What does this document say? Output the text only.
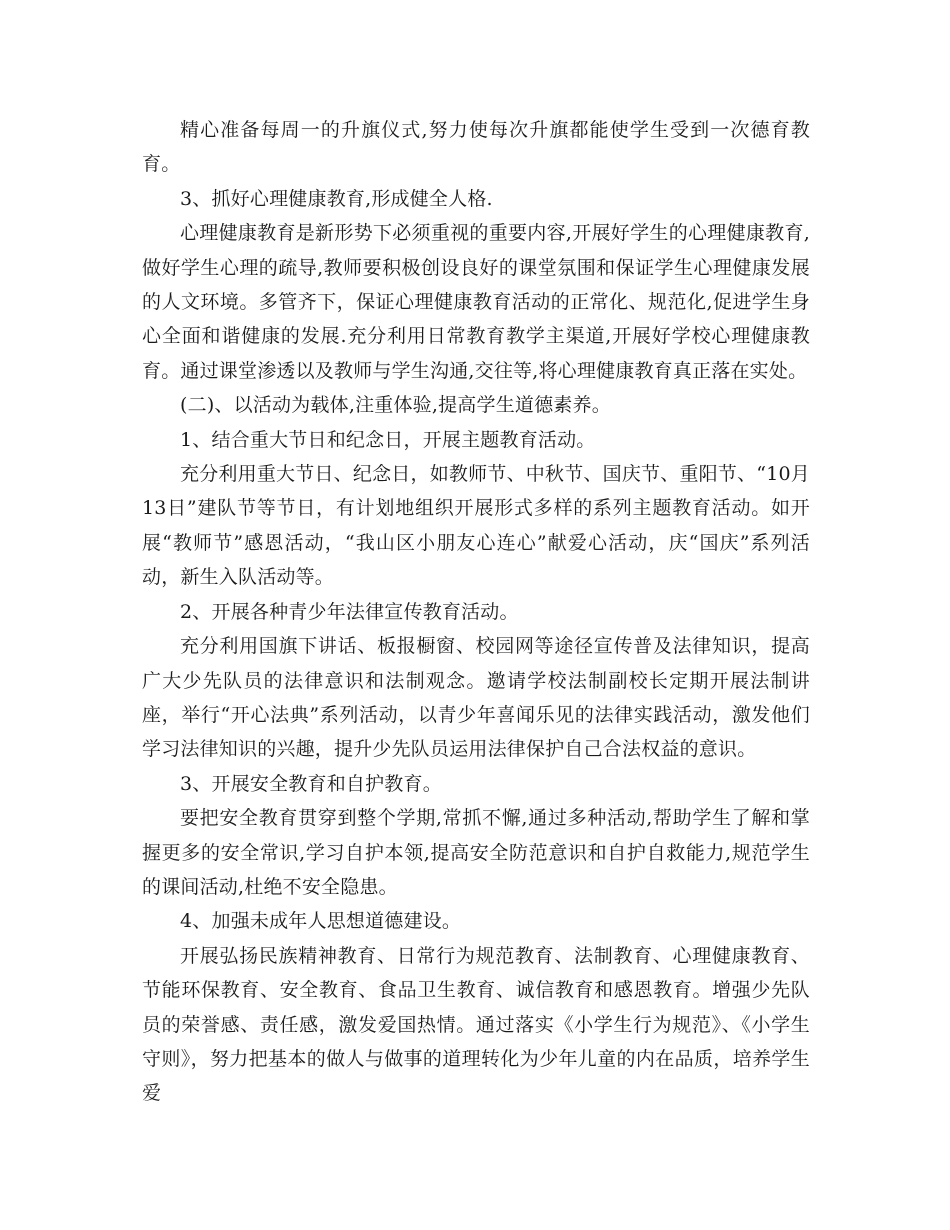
精心准备每周一的升旗仪式,努力使每次升旗都能使学生受到一次德育教育。

3、抓好心理健康教育,形成健全人格.

心理健康教育是新形势下必须重视的重要内容,开展好学生的心理健康教育,做好学生心理的疏导,教师要积极创设良好的课堂氛围和保证学生心理健康发展的人文环境。多管齐下，保证心理健康教育活动的正常化、规范化,促进学生身心全面和谐健康的发展.充分利用日常教育教学主渠道,开展好学校心理健康教育。通过课堂渗透以及教师与学生沟通,交往等,将心理健康教育真正落在实处。

(二)、以活动为载体,注重体验,提高学生道德素养。

1、结合重大节日和纪念日，开展主题教育活动。

充分利用重大节日、纪念日，如教师节、中秋节、国庆节、重阳节、“10月13日”建队节等节日，有计划地组织开展形式多样的系列主题教育活动。如开展“教师节”感恩活动，“我山区小朋友心连心”献爱心活动，庆“国庆”系列活动，新生入队活动等。

2、开展各种青少年法律宣传教育活动。

充分利用国旗下讲话、板报橱窗、校园网等途径宣传普及法律知识，提高广大少先队员的法律意识和法制观念。邀请学校法制副校长定期开展法制讲座，举行“开心法典”系列活动，以青少年喜闻乐见的法律实践活动，激发他们学习法律知识的兴趣，提升少先队员运用法律保护自己合法权益的意识。

3、开展安全教育和自护教育。

要把安全教育贯穿到整个学期,常抓不懈,通过多种活动,帮助学生了解和掌握更多的安全常识,学习自护本领,提高安全防范意识和自护自救能力,规范学生的课间活动,杜绝不安全隐患。

4、加强未成年人思想道德建设。

开展弘扬民族精神教育、日常行为规范教育、法制教育、心理健康教育、节能环保教育、安全教育、食品卫生教育、诚信教育和感恩教育。增强少先队员的荣誉感、责任感，激发爱国热情。通过落实《小学生行为规范》、《小学生守则》，努力把基本的做人与做事的道理转化为少年儿童的内在品质，培养学生爱
